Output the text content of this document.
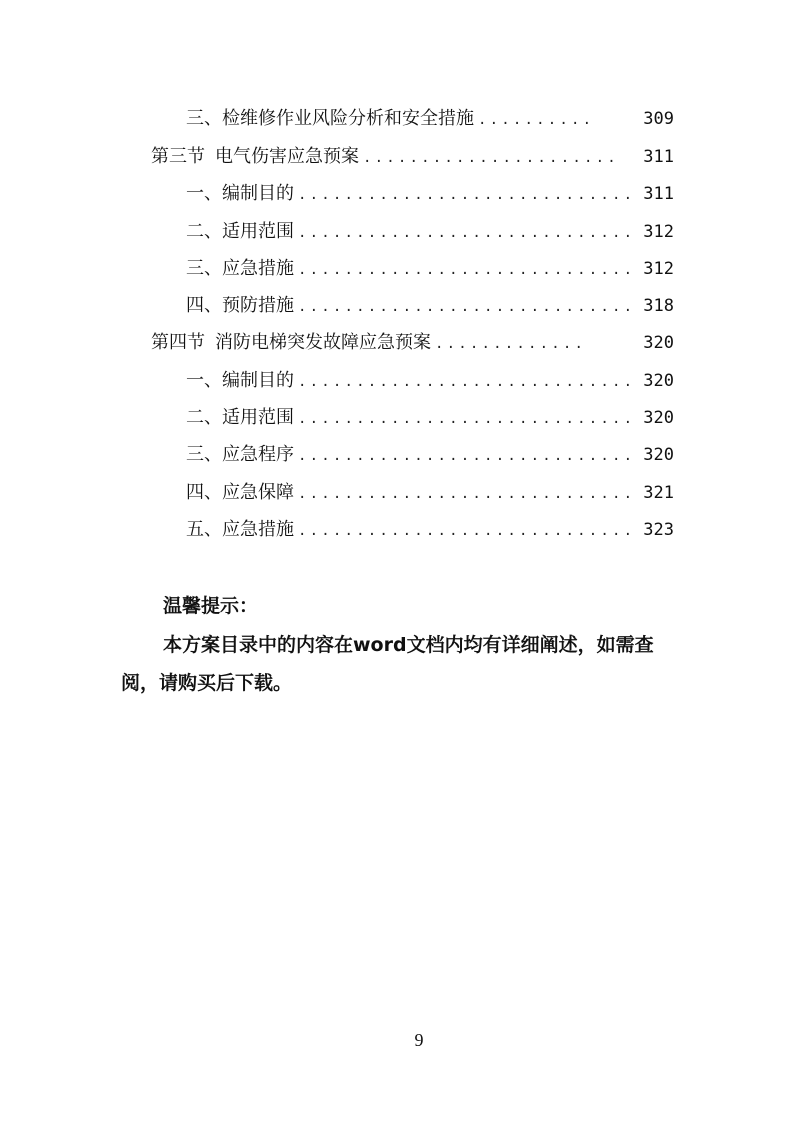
三、检维修作业风险分析和安全措施 ..........	309
第三节 电气伤害应急预案 ......................	311
一、编制目的 ............................. 311
二、适用范围 ............................. 312
三、应急措施 ............................. 312
四、预防措施 ............................. 318
第四节 消防电梯突发故障应急预案 .............	320
一、编制目的 ............................. 320
二、适用范围 ............................. 320
三、应急程序 ............................. 320
四、应急保障 ............................. 321
五、应急措施 ............................. 323
温馨提示：
本方案目录中的内容在word文档内均有详细阐述，如需查阅，请购买后下载。
9
